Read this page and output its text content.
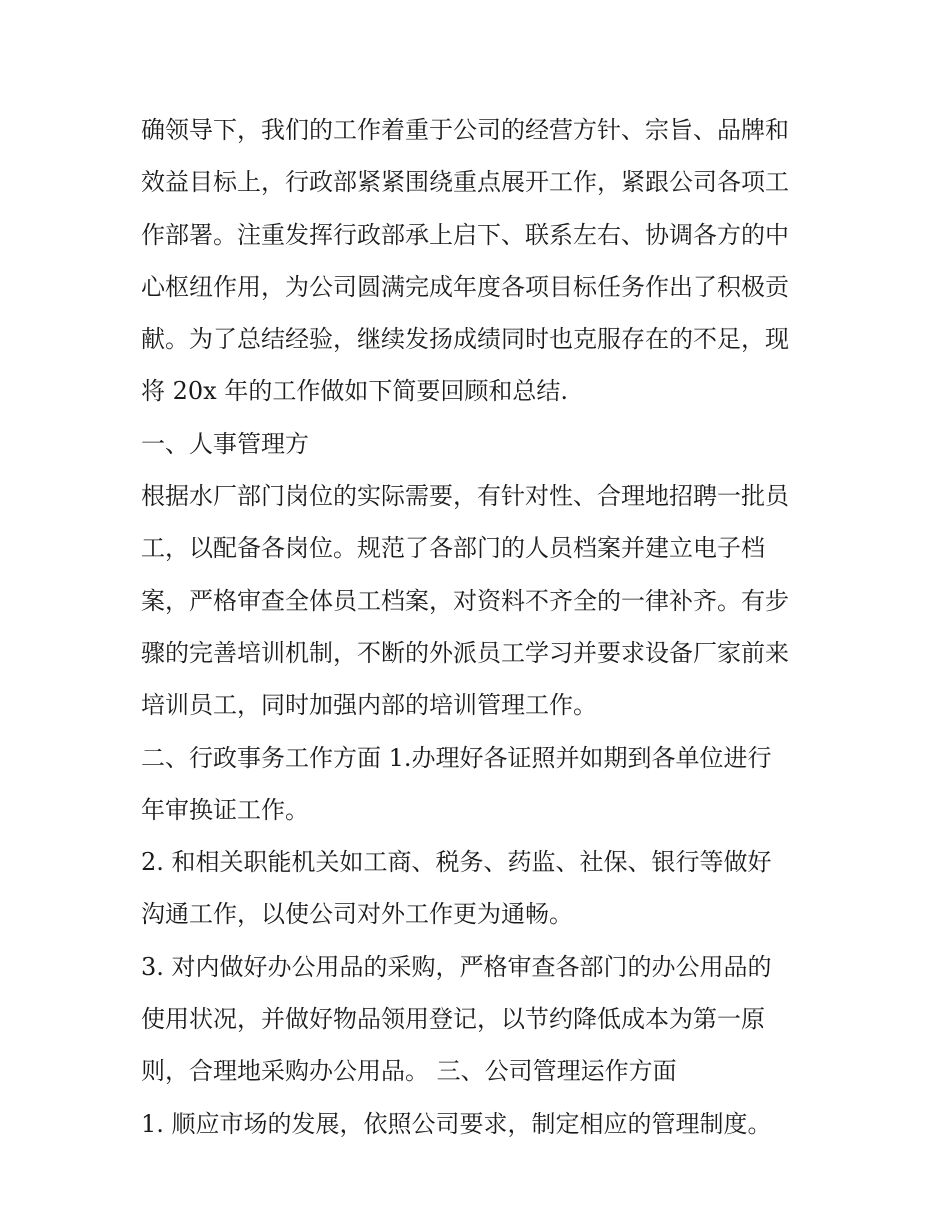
确领导下，我们的工作着重于公司的经营方针、宗旨、品牌和
效益目标上，行政部紧紧围绕重点展开工作，紧跟公司各项工
作部署。注重发挥行政部承上启下、联系左右、协调各方的中
心枢纽作用，为公司圆满完成年度各项目标任务作出了积极贡
献。为了总结经验，继续发扬成绩同时也克服存在的不足，现
将 20x 年的工作做如下简要回顾和总结.
一、人事管理方
根据水厂部门岗位的实际需要，有针对性、合理地招聘一批员
工，以配备各岗位。规范了各部门的人员档案并建立电子档
案，严格审查全体员工档案，对资料不齐全的一律补齐。有步
骤的完善培训机制，不断的外派员工学习并要求设备厂家前来
培训员工，同时加强内部的培训管理工作。
二、行政事务工作方面 1.办理好各证照并如期到各单位进行
年审换证工作。
2. 和相关职能机关如工商、税务、药监、社保、银行等做好
沟通工作，以使公司对外工作更为通畅。
3. 对内做好办公用品的采购，严格审查各部门的办公用品的
使用状况，并做好物品领用登记，以节约降低成本为第一原
则，合理地采购办公用品。 三、公司管理运作方面
1. 顺应市场的发展，依照公司要求，制定相应的管理制度。
